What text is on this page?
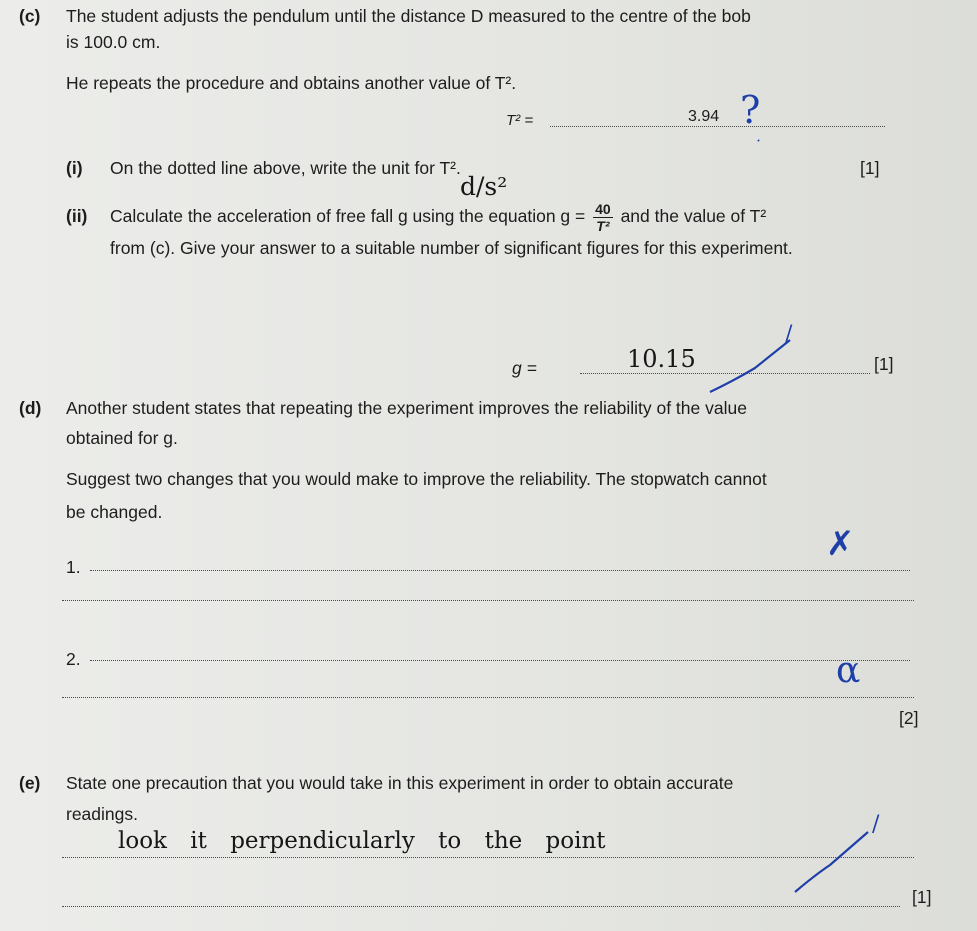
(c) The student adjusts the pendulum until the distance D measured to the centre of the bob
is 100.0 cm.
He repeats the procedure and obtains another value of T².
T² =	3.94 ?
(i) On the dotted line above, write the unit for T².	[1]
d/s²
(ii) Calculate the acceleration of free fall g using the equation $g = \frac{40}{\text{T²}}$ and the value of T²
from (c). Give your answer to a suitable number of significant figures for this experiment.
g =	10.15	[1]
/
(d) Another student states that repeating the experiment improves the reliability of the value
obtained for g.
Suggest two changes that you would make to improve the reliability. The stopwatch cannot
be changed.
1.
2.
[2]
✗
α
(e) State one precaution that you would take in this experiment in order to obtain accurate
readings.
look it perpendicularly to the point
[1]
/
